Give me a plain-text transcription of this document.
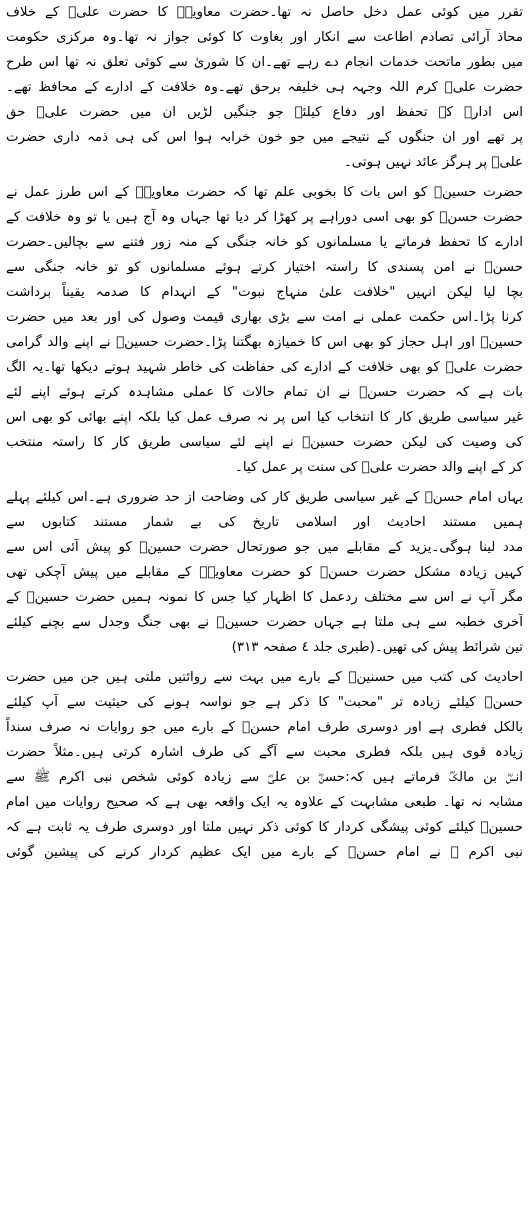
تقرر میں کوئی عمل دخل حاصل نہ تھا۔حضرت معاویہؓ کا حضرت علیؓ کے خلاف
محاذ آرائی تصادم اطاعت سے انکار اور بغاوت کا کوئی جواز نہ تھا۔وہ مرکزی حکومت
میں بطور ماتحت خدمات انجام دے رہے تھے۔ان کا شوریٰ سے کوئی تعلق نہ تھا اس طرح
حضرت علیؓ کرم اللہ وجہہ ہی خلیفہ برحق تھے۔وہ خلافت کے ادارے کے محافظ تھے۔
اس ادارے کے تحفظ اور دفاع کیلئے جو جنگیں لڑیں ان میں حضرت علیؓ حق
پر تھے اور ان جنگوں کے نتیجے میں جو خون خرابہ ہوا اس کی ہی ذمہ داری حضرت
علیؓ پر ہرگز عائد نہیں ہوتی۔
حضرت حسینؓ کو اس بات کا بخوبی علم تھا کہ حضرت معاویہؓ کے اس طرز عمل نے
حضرت حسنؓ کو بھی اسی دوراہے پر کھڑا کر دیا تھا جہاں وہ آج ہیں یا تو وہ خلافت کے
ادارے کا تحفظ فرماتے یا مسلمانوں کو خانہ جنگی کے منہ زور فتنے سے بچالیں۔حضرت
حسنؓ نے امن پسندی کا راستہ اختیار کرتے ہوئے مسلمانوں کو تو خانہ جنگی سے
بچا لیا لیکن انہیں "خلافت علیٰ منہاج نبوت" کے انہدام کا صدمہ یقیناً برداشت
کرنا پڑا۔اس حکمت عملی نے امت سے بڑی بھاری قیمت وصول کی اور بعد میں حضرت
حسینؓ اور اہل حجاز کو بھی اس کا خمیازہ بھگتنا پڑا۔حضرت حسینؓ نے اپنے والد گرامی
حضرت علیؓ کو بھی خلافت کے ادارے کی حفاظت کی خاطر شہید ہوتے دیکھا تھا۔یہ الگ
بات ہے کہ حضرت حسنؓ نے ان تمام حالات کا عملی مشاہدہ کرتے ہوئے اپنے لئے
غیر سیاسی طریق کار کا انتخاب کیا اس پر نہ صرف عمل کیا بلکہ اپنے بھائی کو بھی اس
کی وصیت کی لیکن حضرت حسینؓ نے اپنے لئے سیاسی طریق کار کا راستہ منتخب
کر کے اپنے والد حضرت علیؓ کی سنت پر عمل کیا۔
یہاں امام حسنؓ کے غیر سیاسی طریق کار کی وضاحت از حد ضروری ہے۔اس کیلئے پہلے
ہمیں مستند احادیث اور اسلامی تاریخ کی بے شمار مستند کتابوں سے
مدد لینا ہوگی۔یزید کے مقابلے میں جو صورتحال حضرت حسینؓ کو پیش آئی اس سے
کہیں زیادہ مشکل حضرت حسنؓ کو حضرت معاویہؓ کے مقابلے میں پیش آچکی تھی
مگر آپ نے اس سے مختلف ردعمل کا اظہار کیا جس کا نمونہ ہمیں حضرت حسینؓ کے
آخری خطبہ سے ہی ملتا ہے جہاں حضرت حسینؓ نے بھی جنگ وجدل سے بچنے کیلئے
تین شرائط پیش کی تھیں۔(طبری جلد ٤ صفحہ ٣١٣)
احادیث کی کتب میں حسنینؓ کے بارے میں بہت سے روائتیں ملتی ہیں جن میں حضرت
حسنؓ کیلئے زیادہ تر "محبت" کا ذکر ہے جو نواسہ ہونے کی حیثیت سے آپ کیلئے
بالکل فطری ہے اور دوسری طرف امام حسنؓ کے بارے میں جو روایات نہ صرف سنداً
زیادہ قوی ہیں بلکہ فطری محبت سے آگے کی طرف اشارہ کرتی ہیں۔مثلاً حضرت
انسؓ بن مالکؓ فرماتے ہیں کہ:حسنؓ بن علیؓ سے زیادہ کوئی شخص نبی اکرم ﷺ سے
مشابہ نہ تھا۔ طبعی مشابہت کے علاوہ یہ ایک واقعہ بھی ہے کہ صحیح روایات میں امام
حسینؓ کیلئے کوئی پیشگی کردار کا کوئی ذکر نہیں ملتا اور دوسری طرف یہ ثابت ہے کہ
نبی اکرم ﷺ نے امام حسنؓ کے بارے میں ایک عظیم کردار کرنے کی پیشین گوئی
